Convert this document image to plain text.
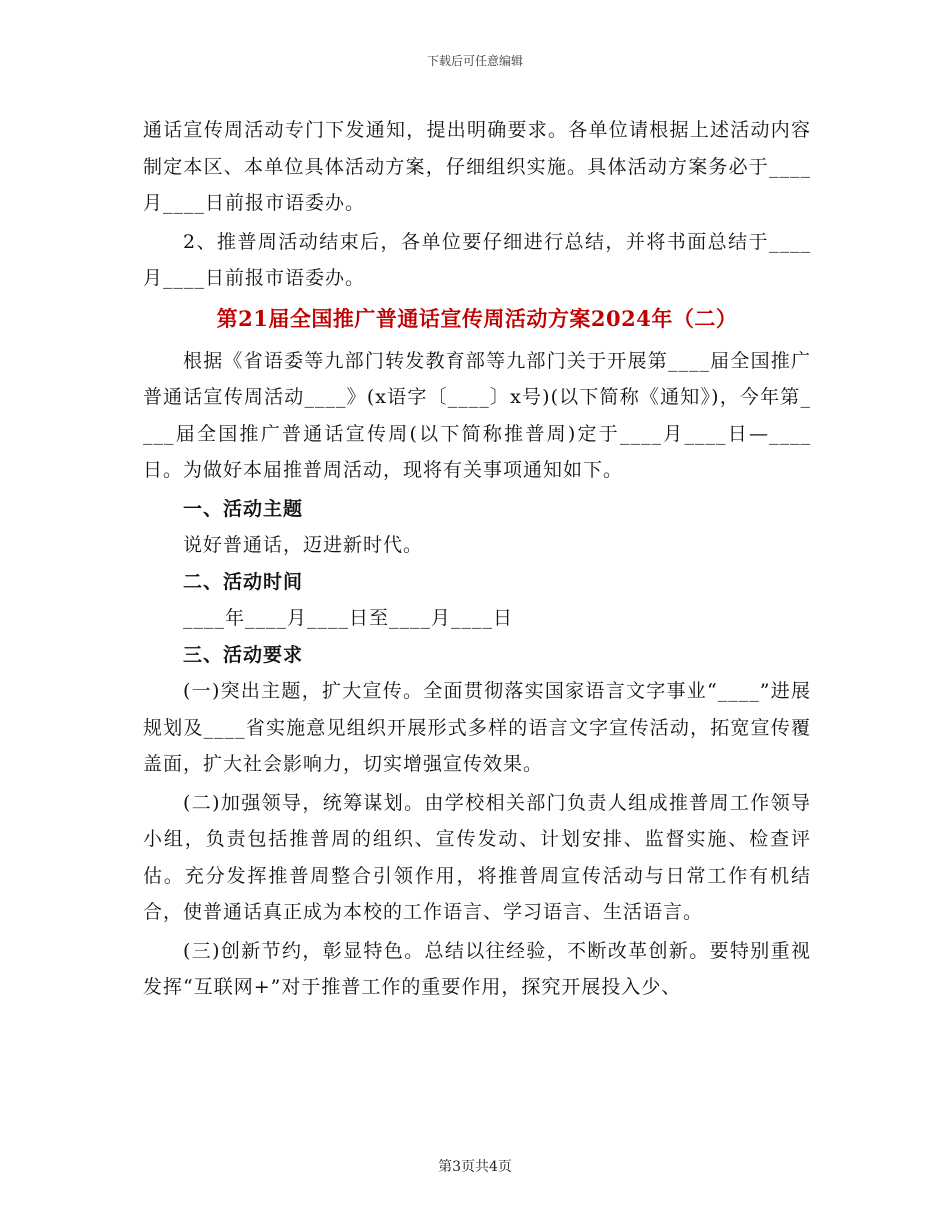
下载后可任意编辑

通话宣传周活动专门下发通知，提出明确要求。各单位请根据上述活动内容制定本区、本单位具体活动方案，仔细组织实施。具体活动方案务必于____月____日前报市语委办。

2、推普周活动结束后，各单位要仔细进行总结，并将书面总结于____月____日前报市语委办。

第21届全国推广普通话宣传周活动方案2024年（二）

根据《省语委等九部门转发教育部等九部门关于开展第____届全国推广普通话宣传周活动____》(x语字〔____〕x号)(以下简称《通知》)，今年第____届全国推广普通话宣传周(以下简称推普周)定于____月____日—____日。为做好本届推普周活动，现将有关事项通知如下。

一、活动主题

说好普通话，迈进新时代。

二、活动时间

____年____月____日至____月____日

三、活动要求

(一)突出主题，扩大宣传。全面贯彻落实国家语言文字事业“____”进展规划及____省实施意见组织开展形式多样的语言文字宣传活动，拓宽宣传覆盖面，扩大社会影响力，切实增强宣传效果。

(二)加强领导，统筹谋划。由学校相关部门负责人组成推普周工作领导小组，负责包括推普周的组织、宣传发动、计划安排、监督实施、检查评估。充分发挥推普周整合引领作用，将推普周宣传活动与日常工作有机结合，使普通话真正成为本校的工作语言、学习语言、生活语言。

(三)创新节约，彰显特色。总结以往经验，不断改革创新。要特别重视发挥“互联网+”对于推普工作的重要作用，探究开展投入少、

第3页共4页
